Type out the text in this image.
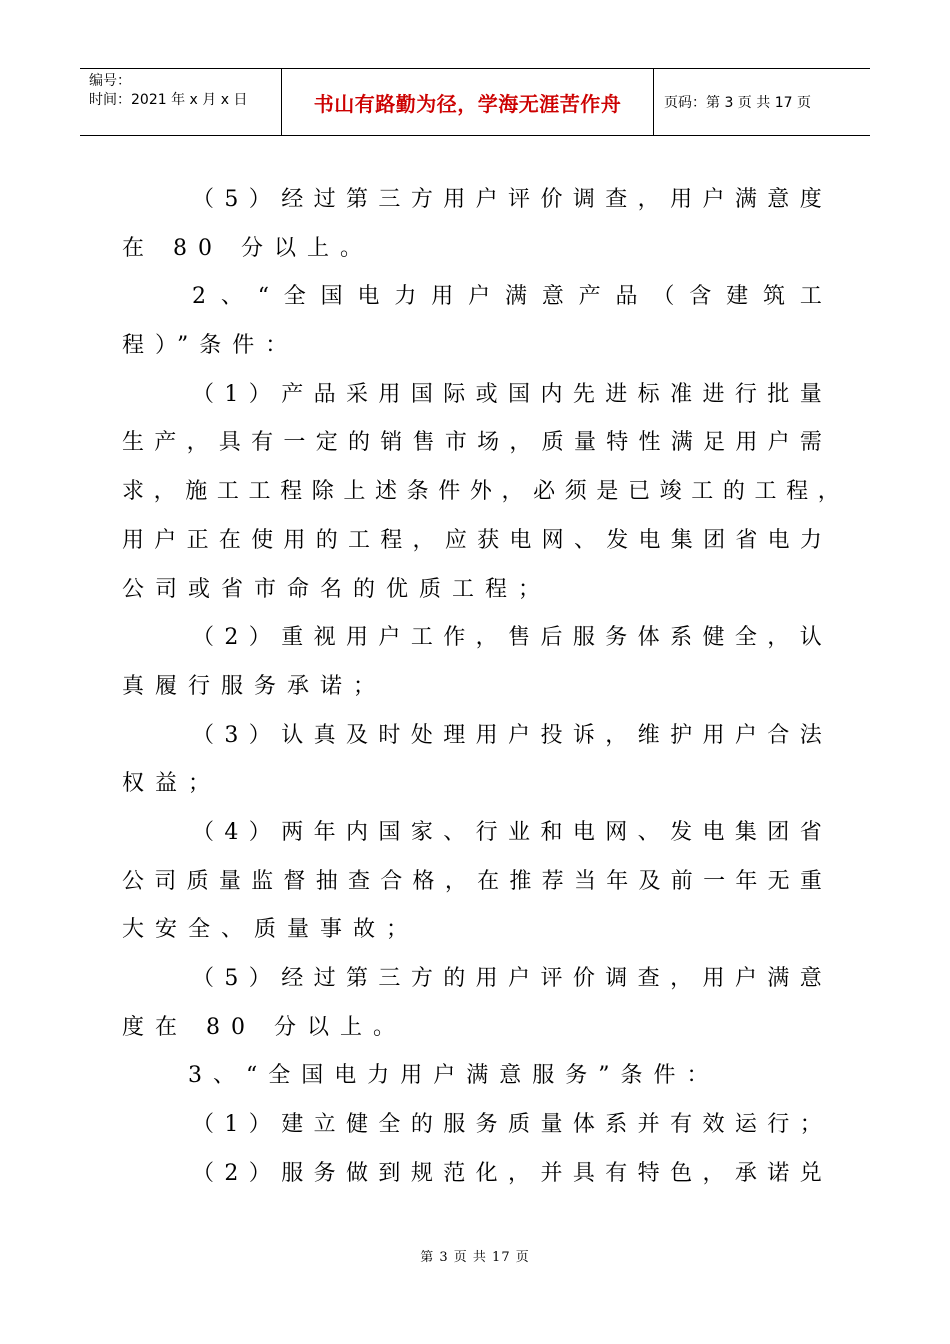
编号：
时间：2021 年 x 月 x 日	书山有路勤为径，学海无涯苦作舟	页码：第 3 页 共 17 页
（ 5 ） 经 过 第 三 方 用 户 评 价 调 查 ， 用 户 满 意 度
在 80 分以上。
2 、 “ 全 国 电 力 用 户 满 意 产 品 （ 含 建 筑 工
程）”条件：
（ 1 ） 产 品 采 用 国 际 或 国 内 先 进 标 准 进 行 批 量
生 产 ， 具 有 一 定 的 销 售 市 场 ， 质 量 特 性 满 足 用 户 需
求 ， 施 工 工 程 除 上 述 条 件 外 ， 必 须 是 已 竣 工 的 工 程 ，
用 户 正 在 使 用 的 工 程 ， 应 获 电 网 、 发 电 集 团 省 电 力
公司或省市命名的优质工程；
（ 2 ） 重 视 用 户 工 作 ， 售 后 服 务 体 系 健 全 ， 认
真履行服务承诺；
（ 3 ） 认 真 及 时 处 理 用 户 投 诉 ， 维 护 用 户 合 法
权益；
（ 4 ） 两 年 内 国 家 、 行 业 和 电 网 、 发 电 集 团 省
公 司 质 量 监 督 抽 查 合 格 ， 在 推 荐 当 年 及 前 一 年 无 重
大安全、质量事故；
（ 5 ） 经 过 第 三 方 的 用 户 评 价 调 查 ， 用 户 满 意
度在 80 分以上。
3、“全国电力用户满意服务”条件：
（ 1 ） 建 立 健 全 的 服 务 质 量 体 系 并 有 效 运 行 ；
（ 2 ） 服 务 做 到 规 范 化 ， 并 具 有 特 色 ， 承 诺 兑
第 3 页 共 17 页
